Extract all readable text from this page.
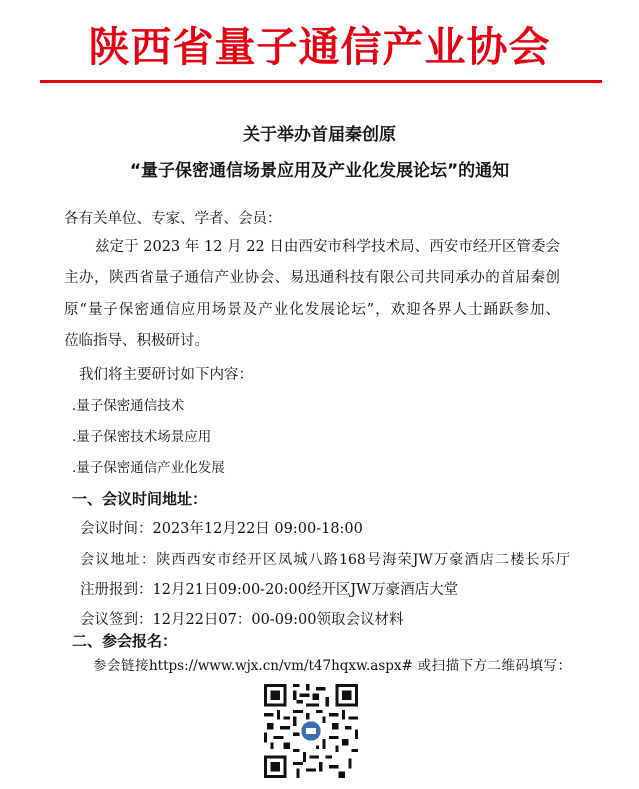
陕西省量子通信产业协会
关于举办首届秦创原
“量子保密通信场景应用及产业化发展论坛”的通知
各有关单位、专家、学者、会员：
兹定于 2023 年 12 月 22 日由西安市科学技术局、西安市经开区管委会
主办，陕西省量子通信产业协会、易迅通科技有限公司共同承办的首届秦创
原“量子保密通信应用场景及产业化发展论坛”，欢迎各界人士踊跃参加、
莅临指导、积极研讨。
我们将主要研讨如下内容：
.量子保密通信技术
.量子保密技术场景应用
.量子保密通信产业化发展
一、会议时间地址：
会议时间：2023年12月22日 09:00-18:00
会议地址：陕西西安市经开区凤城八路168号海荣JW万豪酒店二楼长乐厅
注册报到：12月21日09:00-20:00经开区JW万豪酒店大堂
会议签到：12月22日07：00-09:00领取会议材料
二、参会报名：
参会链接https://www.wjx.cn/vm/t47hqxw.aspx# 或扫描下方二维码填写：
